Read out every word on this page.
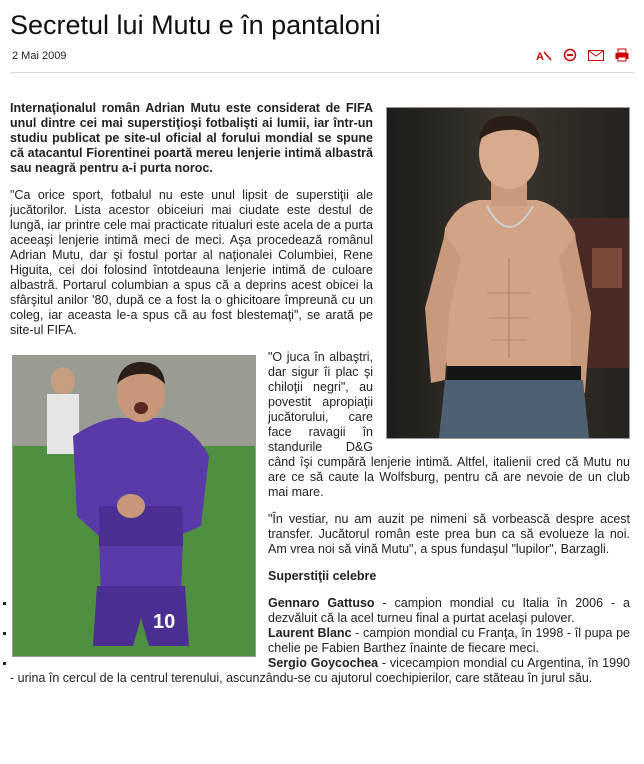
Secretul lui Mutu e în pantaloni
2 Mai 2009	A

Internaţionalul român Adrian Mutu este considerat de FIFA unul dintre cei mai superstiţioşi fotbalişti ai lumii, iar într-un studiu publicat pe site-ul oficial al forului mondial se spune că atacantul Fiorentinei poartă mereu lenjerie intimă albastră sau neagră pentru a-i purta noroc.

"Ca orice sport, fotbalul nu este unul lipsit de superstiţii ale jucătorilor. Lista acestor obiceiuri mai ciudate este destul de lungă, iar printre cele mai practicate ritualuri este acela de a purta aceeaşi lenjerie intimă meci de meci. Aşa procedează românul Adrian Mutu, dar şi fostul portar al naţionalei Columbiei, Rene Higuita, cei doi folosind întotdeauna lenjerie intimă de culoare albastră. Portarul columbian a spus că a deprins acest obicei la sfârşitul anilor '80, după ce a fost la o ghicitoare împreună cu un coleg, iar aceasta le-a spus că au fost blestemaţi", se arată pe site-ul FIFA.

10

"O juca în albaştri, dar sigur îi plac şi chiloţii negri", au povestit apropiaţii jucătorului, care face ravagii în standurile D&G când îşi cumpără lenjerie intimă. Altfel, italienii cred că Mutu nu are ce să caute la Wolfsburg, pentru că are nevoie de un club mai mare.

"În vestiar, nu am auzit pe nimeni să vorbească despre acest transfer. Jucătorul român este prea bun ca să evolueze la noi. Am vrea noi să vină Mutu", a spus fundaşul "lupilor", Barzagli.

Superstiţii celebre

Gennaro Gattuso - campion mondial cu Italia în 2006 - a dezvăluit că la acel turneu final a purtat acelaşi pulover.
Laurent Blanc - campion mondial cu Franţa, în 1998 - îl pupa pe chelie pe Fabien Barthez înainte de fiecare meci.
Sergio Goycochea - vicecampion mondial cu Argentina, în 1990 - urina în cercul de la centrul terenului, ascunzându-se cu ajutorul coechipierilor, care stăteau în jurul său.
